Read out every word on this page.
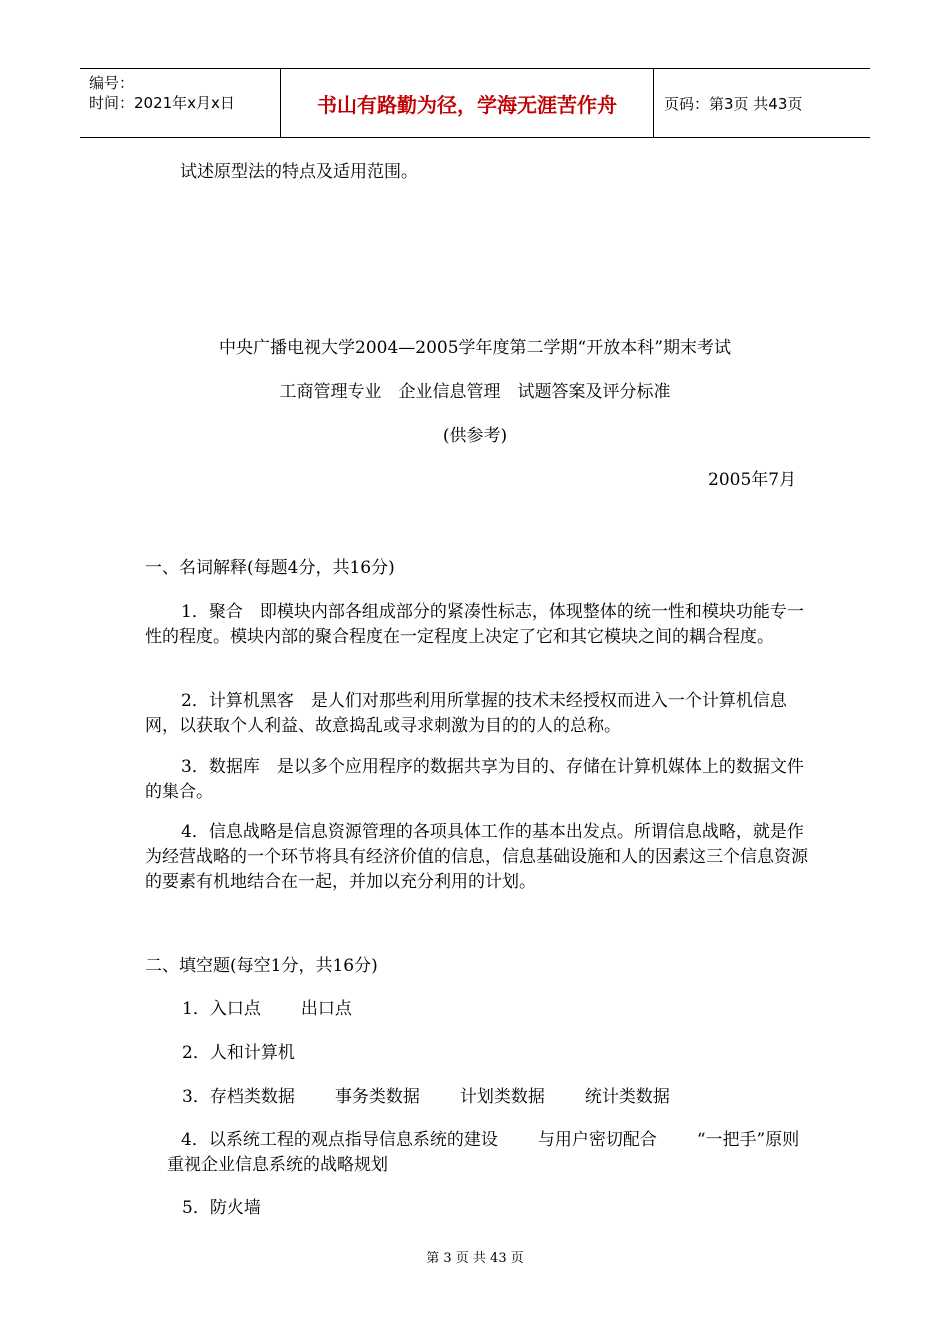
编号：
时间：2021年x月x日	书山有路勤为径，学海无涯苦作舟	页码：第3页 共43页
试述原型法的特点及适用范围。
中央广播电视大学2004—2005学年度第二学期“开放本科”期末考试
工商管理专业　企业信息管理　试题答案及评分标准
(供参考)
2005年7月
一、名词解释(每题4分，共16分)
1．聚合　即模块内部各组成部分的紧凑性标志，体现整体的统一性和模块功能专一性的程度。模块内部的聚合程度在一定程度上决定了它和其它模块之间的耦合程度。
2．计算机黑客　是人们对那些利用所掌握的技术未经授权而进入一个计算机信息网，以获取个人利益、故意捣乱或寻求刺激为目的的人的总称。
3．数据库　是以多个应用程序的数据共享为目的、存储在计算机媒体上的数据文件的集合。
4．信息战略是信息资源管理的各项具体工作的基本出发点。所谓信息战略，就是作为经营战略的一个环节将具有经济价值的信息，信息基础设施和人的因素这三个信息资源的要素有机地结合在一起，并加以充分利用的计划。
二、填空题(每空1分，共16分)
1．入口点 出口点
2．人和计算机
3．存档类数据 事务类数据 计划类数据 统计类数据
4．以系统工程的观点指导信息系统的建设 与用户密切配合 “一把手”原则重视企业信息系统的战略规划
5．防火墙
第 3 页 共 43 页
